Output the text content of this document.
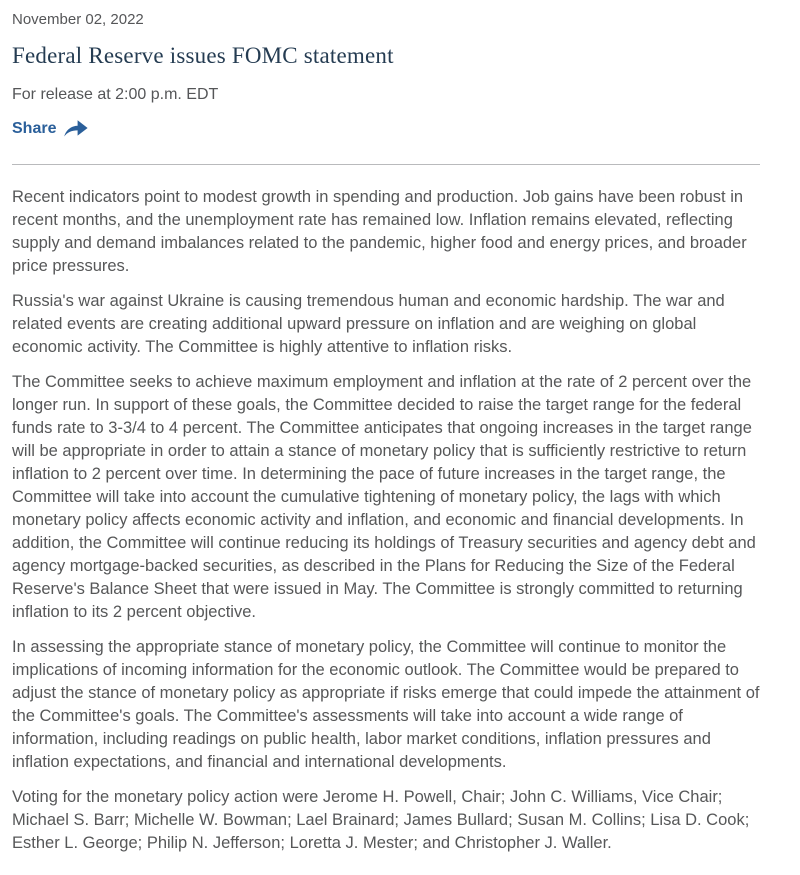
November 02, 2022
Federal Reserve issues FOMC statement
For release at 2:00 p.m. EDT
Share

Recent indicators point to modest growth in spending and production. Job gains have been robust in recent months, and the unemployment rate has remained low. Inflation remains elevated, reflecting supply and demand imbalances related to the pandemic, higher food and energy prices, and broader price pressures.

Russia's war against Ukraine is causing tremendous human and economic hardship. The war and related events are creating additional upward pressure on inflation and are weighing on global economic activity. The Committee is highly attentive to inflation risks.

The Committee seeks to achieve maximum employment and inflation at the rate of 2 percent over the longer run. In support of these goals, the Committee decided to raise the target range for the federal funds rate to 3-3/4 to 4 percent. The Committee anticipates that ongoing increases in the target range will be appropriate in order to attain a stance of monetary policy that is sufficiently restrictive to return inflation to 2 percent over time. In determining the pace of future increases in the target range, the Committee will take into account the cumulative tightening of monetary policy, the lags with which monetary policy affects economic activity and inflation, and economic and financial developments. In addition, the Committee will continue reducing its holdings of Treasury securities and agency debt and agency mortgage-backed securities, as described in the Plans for Reducing the Size of the Federal Reserve's Balance Sheet that were issued in May. The Committee is strongly committed to returning inflation to its 2 percent objective.

In assessing the appropriate stance of monetary policy, the Committee will continue to monitor the implications of incoming information for the economic outlook. The Committee would be prepared to adjust the stance of monetary policy as appropriate if risks emerge that could impede the attainment of the Committee's goals. The Committee's assessments will take into account a wide range of information, including readings on public health, labor market conditions, inflation pressures and inflation expectations, and financial and international developments.

Voting for the monetary policy action were Jerome H. Powell, Chair; John C. Williams, Vice Chair; Michael S. Barr; Michelle W. Bowman; Lael Brainard; James Bullard; Susan M. Collins; Lisa D. Cook; Esther L. George; Philip N. Jefferson; Loretta J. Mester; and Christopher J. Waller.
